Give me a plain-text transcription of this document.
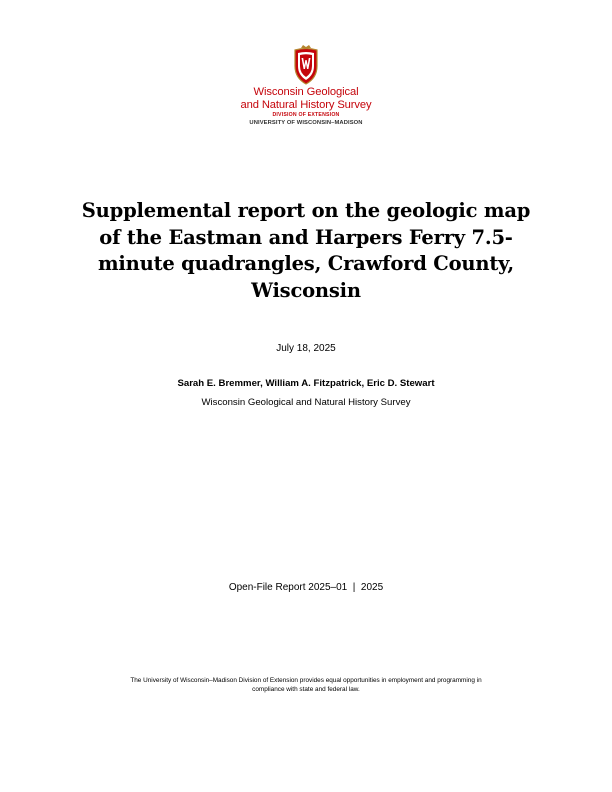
Wisconsin Geological
and Natural History Survey
DIVISION OF EXTENSION
UNIVERSITY OF WISCONSIN–MADISON
Supplemental report on the geologic map
of the Eastman and Harpers Ferry 7.5-
minute quadrangles, Crawford County,
Wisconsin
July 18, 2025
Sarah E. Bremmer, William A. Fitzpatrick, Eric D. Stewart
Wisconsin Geological and Natural History Survey
Open-File Report 2025–01  |  2025
The University of Wisconsin–Madison Division of Extension provides equal opportunities in employment and programming in
compliance with state and federal law.
